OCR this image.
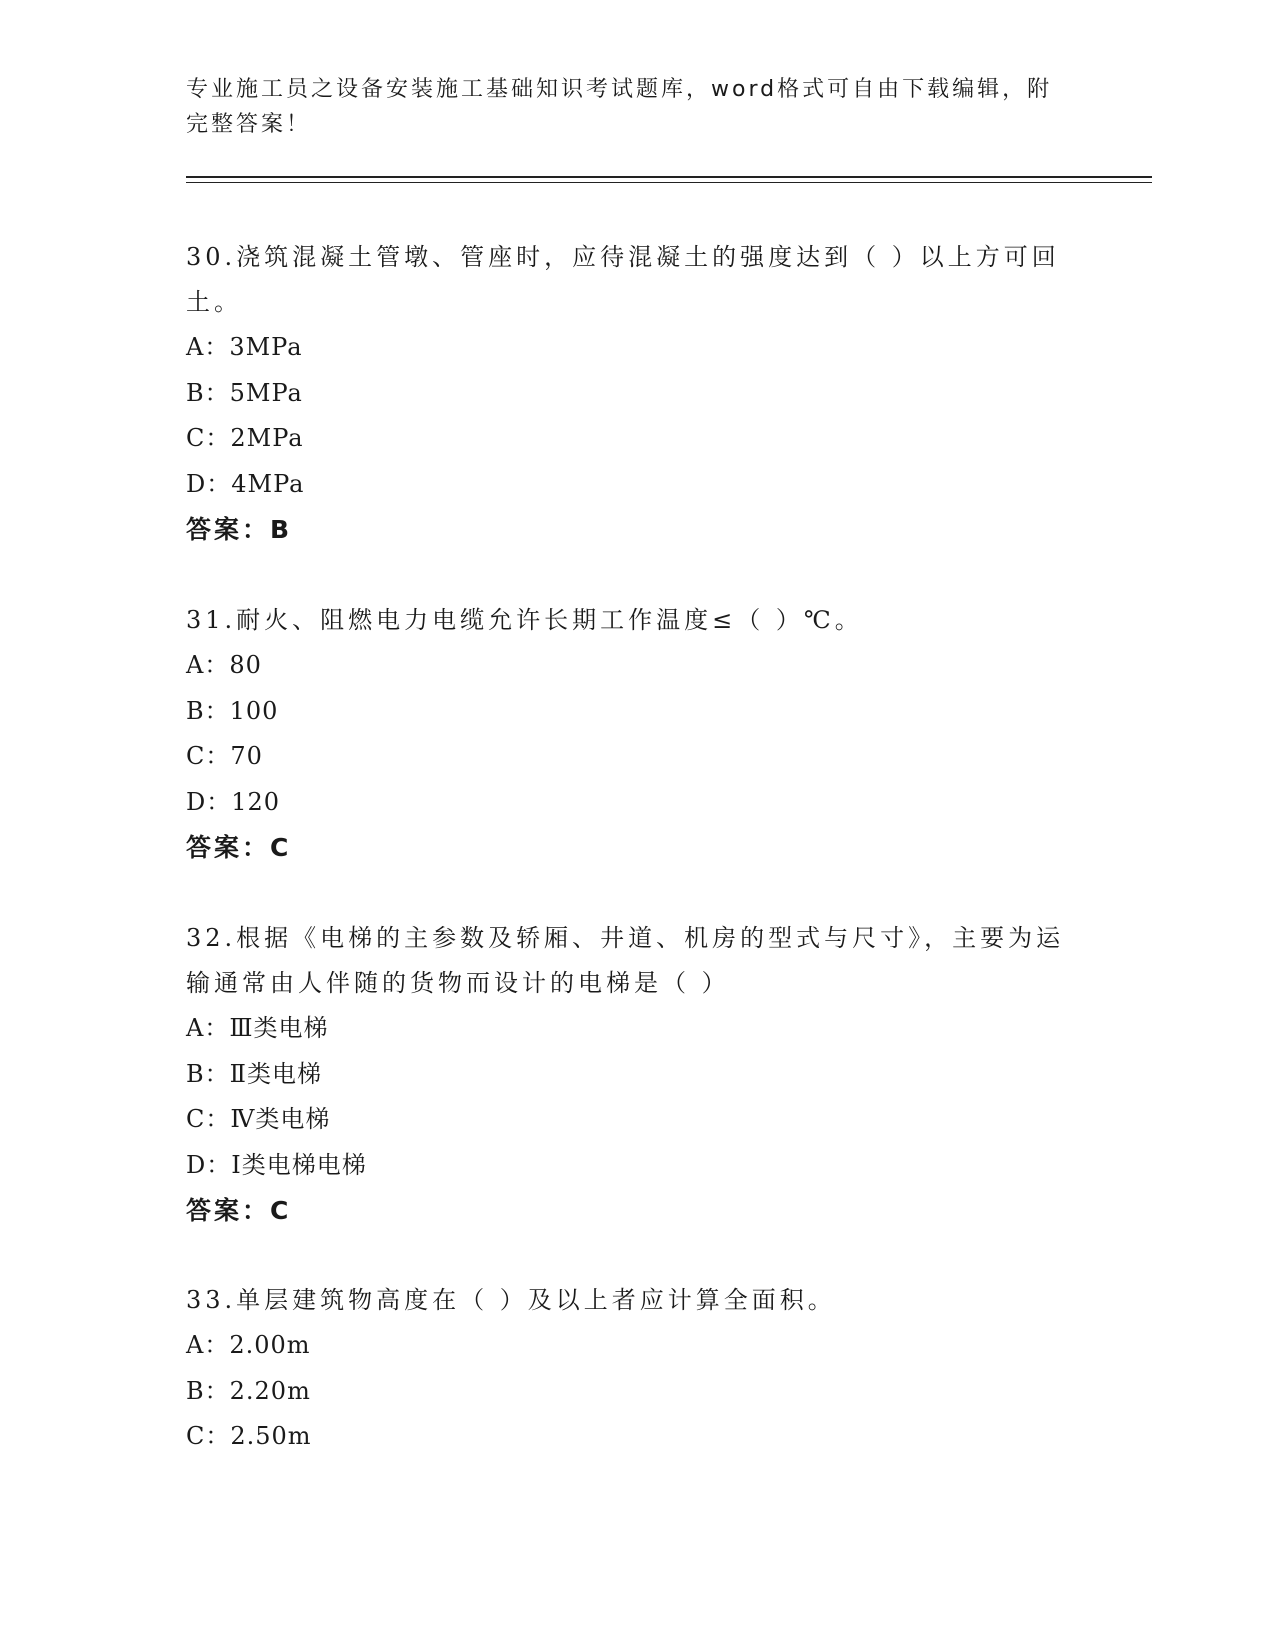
专业施工员之设备安装施工基础知识考试题库，word格式可自由下载编辑，附完整答案！

30.浇筑混凝土管墩、管座时，应待混凝土的强度达到（ ）以上方可回土。

A：3MPa

B：5MPa

C：2MPa

D：4MPa

答案：B

31.耐火、阻燃电力电缆允许长期工作温度≤（ ）℃。

A：80

B：100

C：70

D：120

答案：C

32.根据《电梯的主参数及轿厢、井道、机房的型式与尺寸》，主要为运输通常由人伴随的货物而设计的电梯是（ ）

A：Ⅲ类电梯

B：Ⅱ类电梯

C：Ⅳ类电梯

D：Ⅰ类电梯电梯

答案：C

33.单层建筑物高度在（ ）及以上者应计算全面积。

A：2.00m

B：2.20m

C：2.50m
